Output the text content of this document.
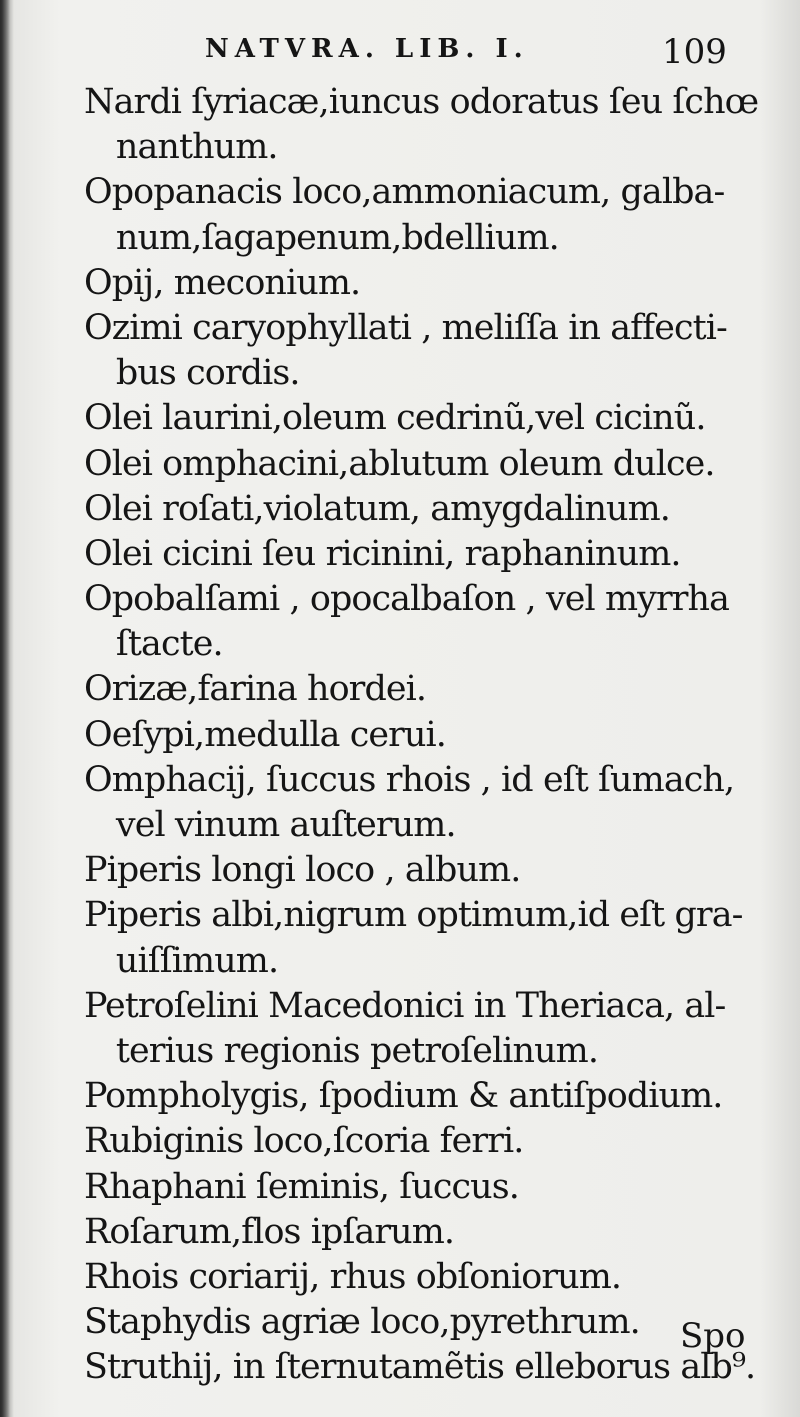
NATVRA. LIB. I.	109
Nardi ſyriacæ,iuncus odoratus ſeu ſchœ
nanthum.
Opopanacis loco,ammoniacum, galba-
num,ſagapenum,bdellium.
Opij, meconium.
Ozimi caryophyllati , meliſſa in affecti-
bus cordis.
Olei laurini,oleum cedrinũ,vel cicinũ.
Olei omphacini,ablutum oleum dulce.
Olei roſati,violatum, amygdalinum.
Olei cicini ſeu ricinini, raphaninum.
Opobalſami , opocalbaſon , vel myrrha
ſtacte.
Orizæ,farina hordei.
Oeſypi,medulla cerui.
Omphacij, ſuccus rhois , id eſt ſumach,
vel vinum auſterum.
Piperis longi loco , album.
Piperis albi,nigrum optimum,id eſt gra-
uiſſimum.
Petroſelini Macedonici in Theriaca, al-
terius regionis petroſelinum.
Pompholygis, ſpodium & antiſpodium.
Rubiginis loco,ſcoria ferri.
Rhaphani ſeminis, ſuccus.
Roſarum,flos ipſarum.
Rhois coriarij, rhus obſoniorum.
Staphydis agriæ loco,pyrethrum.
Struthij, in ſternutamẽtis elleborus alb⁹.
Spo
